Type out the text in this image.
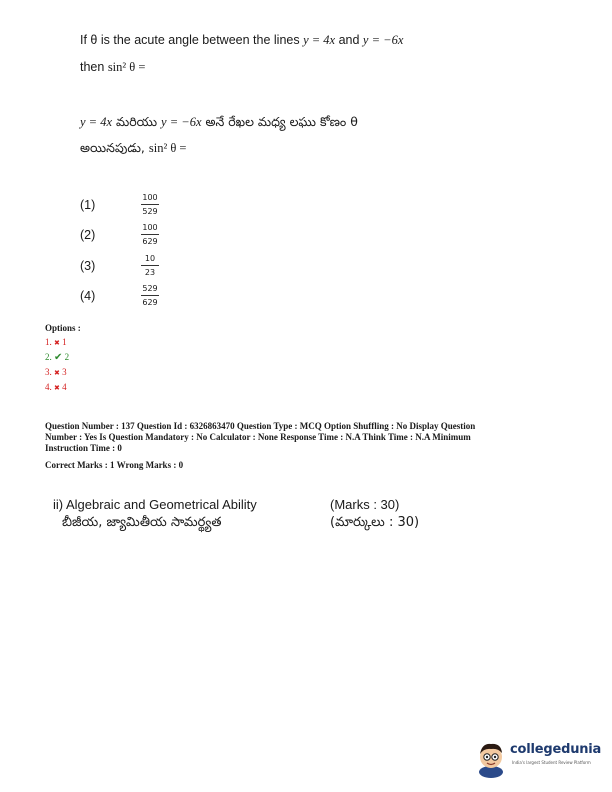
If θ is the acute angle between the lines y = 4x and y = −6x
then sin² θ =
y = 4x మరియు y = −6x అనే రేఖల మధ్య లఘు కోణం θ
అయినపుడు, sin² θ =
(1)	$\frac{100}{529}$
(2)	$\frac{100}{629}$
(3)	$\frac{10}{23}$
(4)	$\frac{529}{629}$
Options :
1. ✖ 1
2. ✔ 2
3. ✖ 3
4. ✖ 4
Question Number : 137 Question Id : 6326863470 Question Type : MCQ Option Shuffling : No Display Question
Number : Yes Is Question Mandatory : No Calculator : None Response Time : N.A Think Time : N.A Minimum
Instruction Time : 0
Correct Marks : 1 Wrong Marks : 0
ii) Algebraic and Geometrical Ability
బీజీయ, జ్యామితీయ సామర్థ్యత
(Marks : 30)
(మార్కులు : 30)
collegedunia
India's largest Student Review Platform
